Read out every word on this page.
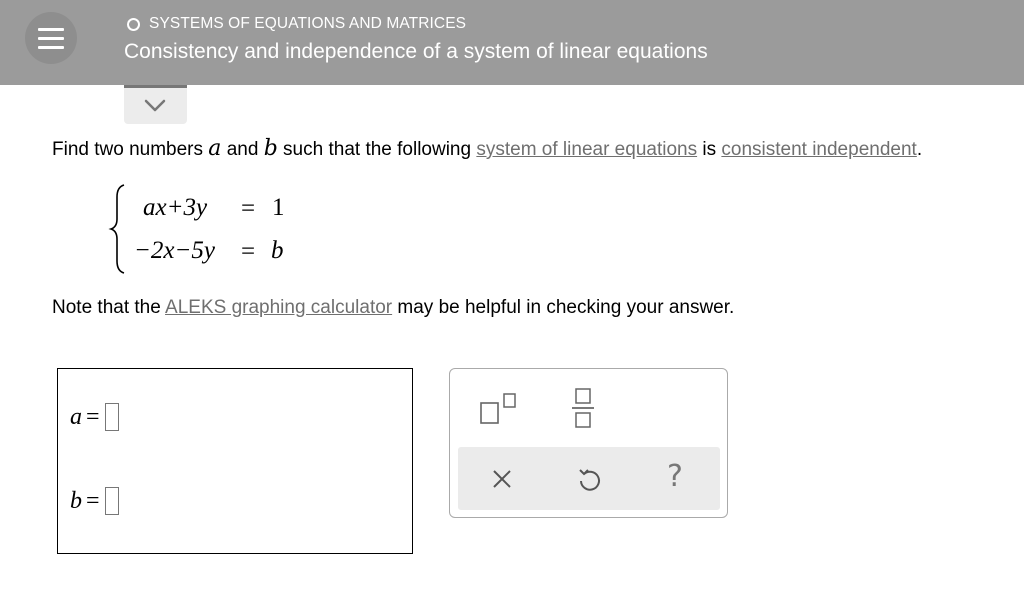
SYSTEMS OF EQUATIONS AND MATRICES
Consistency and independence of a system of linear equations
Find two numbers a and b such that the following system of linear equations is consistent independent.
ax+3y = 1
−2x−5y = b
Note that the ALEKS graphing calculator may be helpful in checking your answer.
a =
b =
?
